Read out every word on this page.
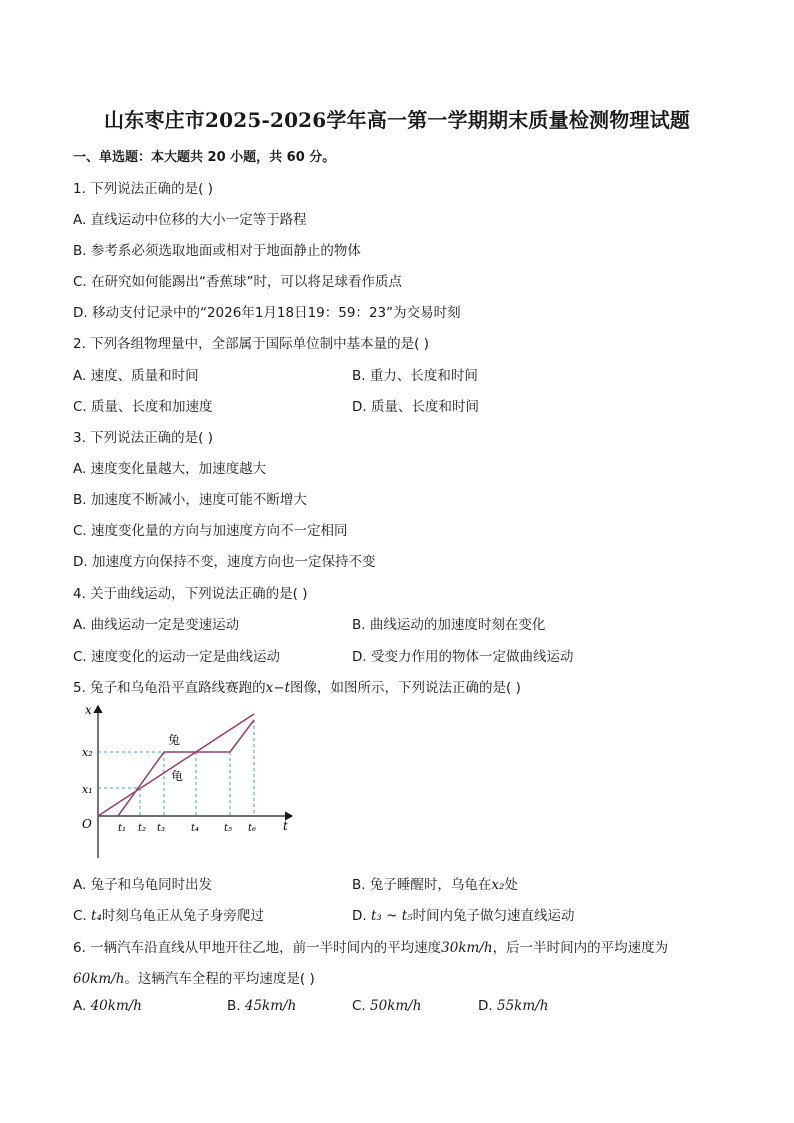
山东枣庄市2025-2026学年高一第一学期期末质量检测物理试题
一、单选题：本大题共 20 小题，共 60 分。
1. 下列说法正确的是( )
A. 直线运动中位移的大小一定等于路程
B. 参考系必须选取地面或相对于地面静止的物体
C. 在研究如何能踢出“香蕉球”时，可以将足球看作质点
D. 移动支付记录中的“2026年1月18日19：59：23”为交易时刻
2. 下列各组物理量中，全部属于国际单位制中基本量的是( )
A. 速度、质量和时间	B. 重力、长度和时间
C. 质量、长度和加速度	D. 质量、长度和时间
3. 下列说法正确的是( )
A. 速度变化量越大，加速度越大
B. 加速度不断减小，速度可能不断增大
C. 速度变化量的方向与加速度方向不一定相同
D. 加速度方向保持不变，速度方向也一定保持不变
4. 关于曲线运动，下列说法正确的是( )
A. 曲线运动一定是变速运动	B. 曲线运动的加速度时刻在变化
C. 速度变化的运动一定是曲线运动	D. 受变力作用的物体一定做曲线运动
5. 兔子和乌龟沿平直路线赛跑的x−t图像，如图所示，下列说法正确的是( )
x
t
O
兔
龟
x₂
x₁
t₁ t₂ t₃	t₄ t₅ t₆
A. 兔子和乌龟同时出发	B. 兔子睡醒时，乌龟在x₂处
C. t₄时刻乌龟正从兔子身旁爬过	D. t₃ ~ t₅时间内兔子做匀速直线运动
6. 一辆汽车沿直线从甲地开往乙地，前一半时间内的平均速度30km/h，后一半时间内的平均速度为
60km/h。这辆汽车全程的平均速度是( )
A. 40km/h	B. 45km/h	C. 50km/h	D. 55km/h
